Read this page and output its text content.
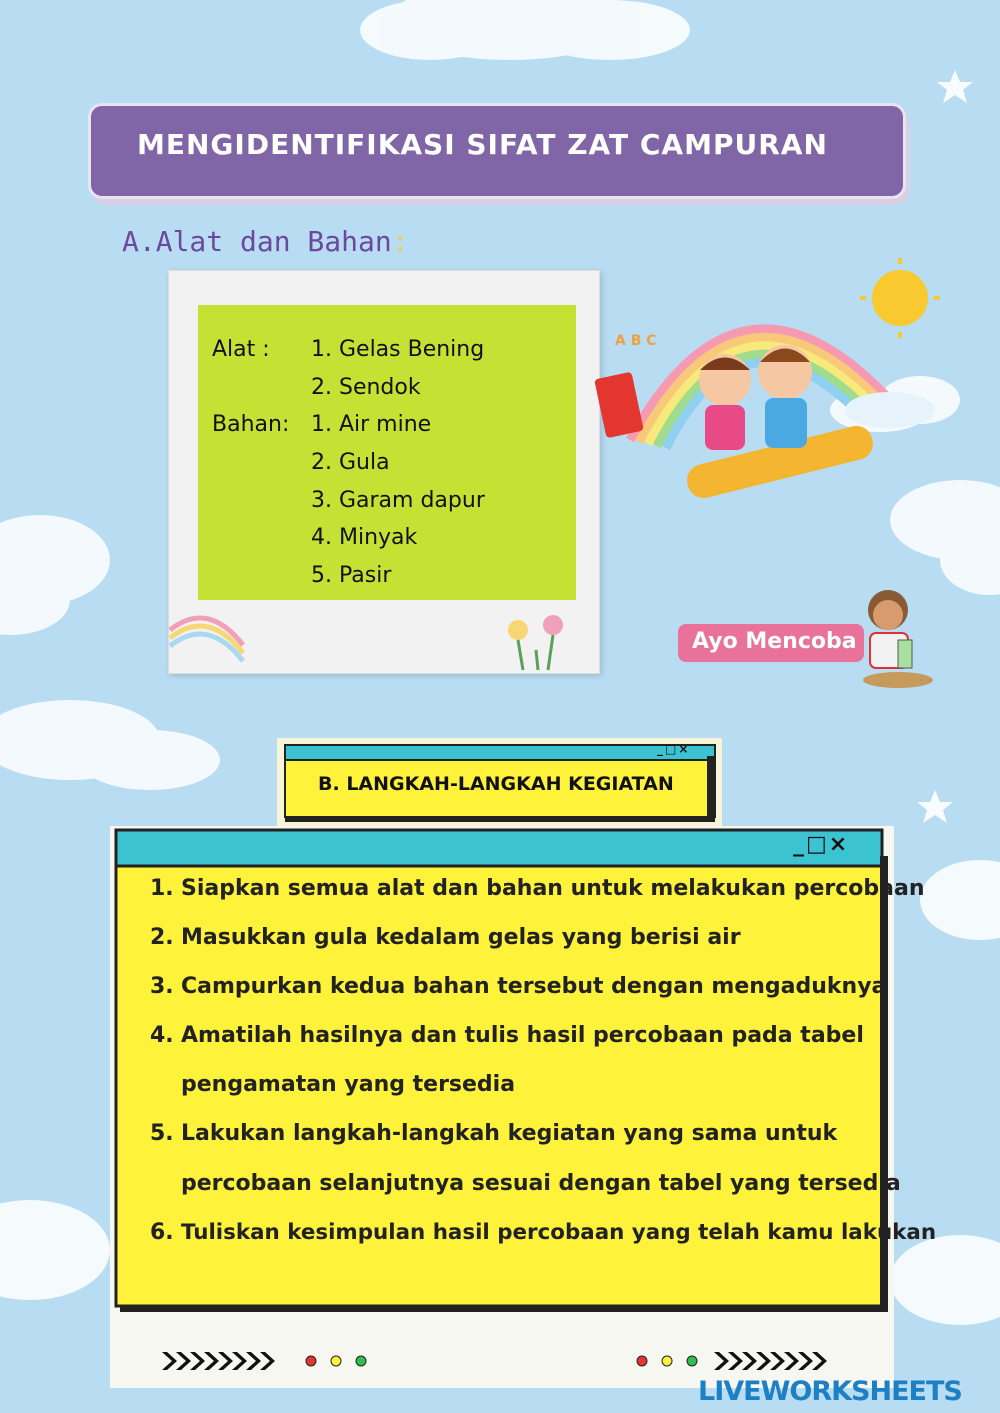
MENGIDENTIFIKASI SIFAT ZAT CAMPURAN
A.Alat dan Bahan:
Alat : 1. Gelas Bening
2. Sendok
Bahan: 1. Air mine
2. Gula
3. Garam dapur
4. Minyak
5. Pasir
A B C
Ayo Mencoba
_□×
B. LANGKAH-LANGKAH KEGIATAN
_□×
1. Siapkan semua alat dan bahan untuk melakukan percobaan
2. Masukkan gula kedalam gelas yang berisi air
3. Campurkan kedua bahan tersebut dengan mengaduknya
4. Amatilah hasilnya dan tulis hasil percobaan pada tabel
pengamatan yang tersedia
5. Lakukan langkah-langkah kegiatan yang sama untuk
percobaan selanjutnya sesuai dengan tabel yang tersedia
6. Tuliskan kesimpulan hasil percobaan yang telah kamu lakukan
LIVEWORKSHEETS
